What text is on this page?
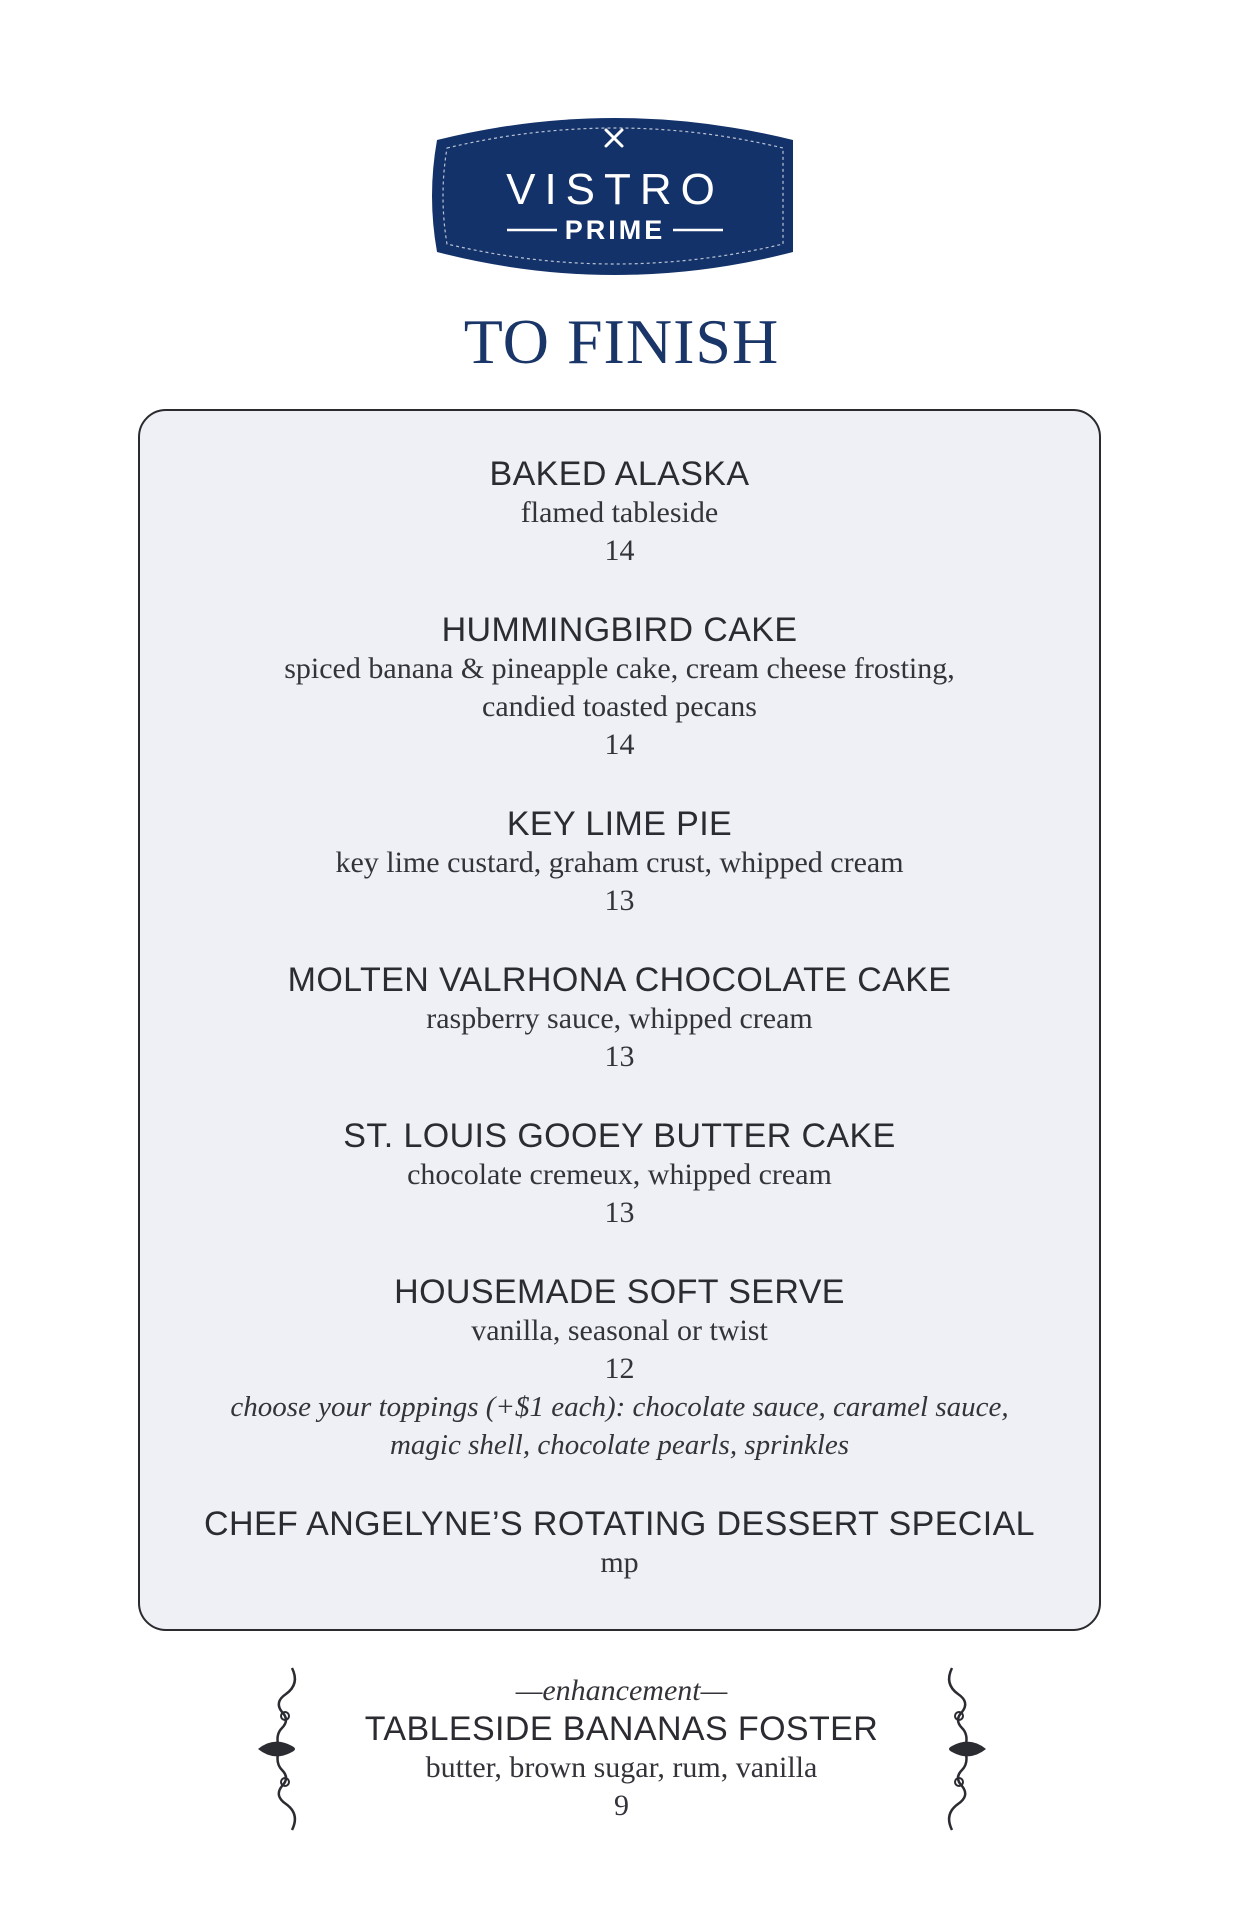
VISTRO
PRIME
TO FINISH
BAKED ALASKA
flamed tableside
14
HUMMINGBIRD CAKE
spiced banana & pineapple cake, cream cheese frosting,
candied toasted pecans
14
KEY LIME PIE
key lime custard, graham crust, whipped cream
13
MOLTEN VALRHONA CHOCOLATE CAKE
raspberry sauce, whipped cream
13
ST. LOUIS GOOEY BUTTER CAKE
chocolate cremeux, whipped cream
13
HOUSEMADE SOFT SERVE
vanilla, seasonal or twist
12
choose your toppings (+$1 each): chocolate sauce, caramel sauce,
magic shell, chocolate pearls, sprinkles
CHEF ANGELYNE’S ROTATING DESSERT SPECIAL
mp
—enhancement—
TABLESIDE BANANAS FOSTER
butter, brown sugar, rum, vanilla
9
